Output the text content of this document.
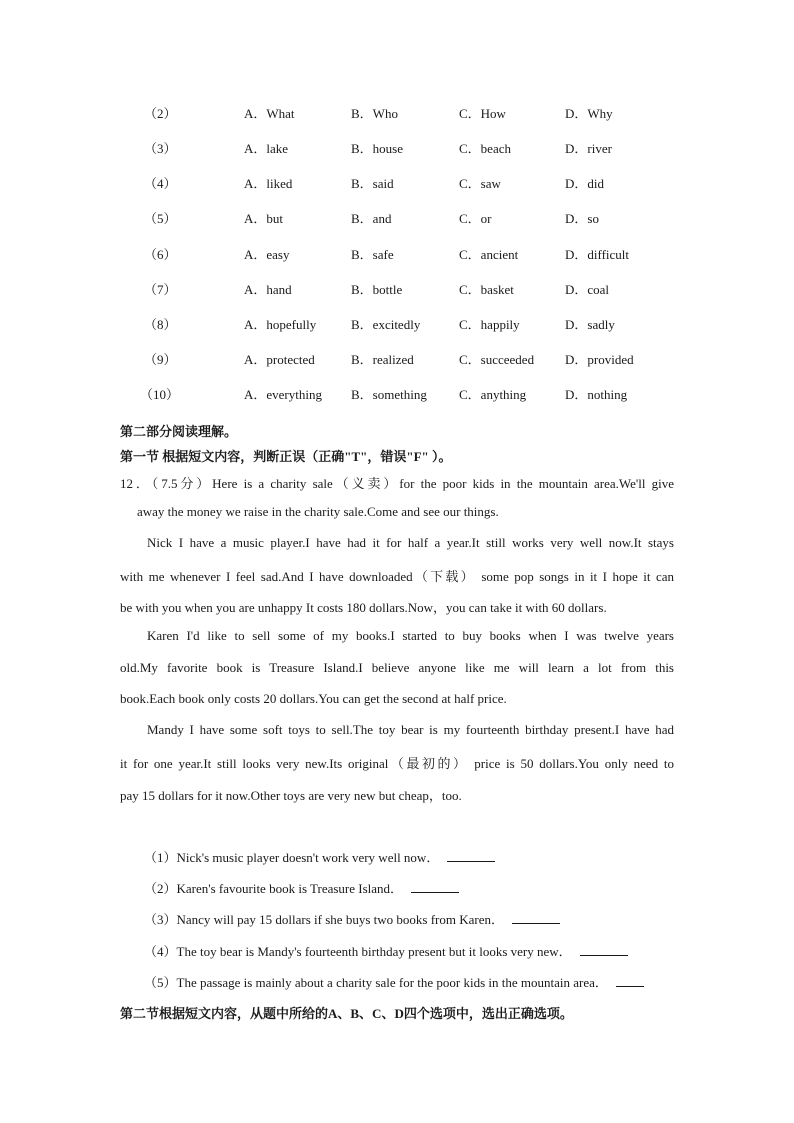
（2）	A．What	B．Who	C．How	D．Why
（3）	A．lake	B．house	C．beach	D．river
（4）	A．liked	B．said	C．saw	D．did
（5）	A．but	B．and	C．or	D．so
（6）	A．easy	B．safe	C．ancient	D．difficult
（7）	A．hand	B．bottle	C．basket	D．coal
（8）	A．hopefully	B．excitedly	C．happily	D．sadly
（9）	A．protected	B．realized	C．succeeded D．provided
（10）	A．everything B．something C．anything	D．nothing
第二部分阅读理解。
第一节 根据短文内容，判断正误（正确"T"，错误"F" ）。
12．（7.5分）Here is a charity sale（义卖）for the poor kids in the mountain area.We'll give
away the money we raise in the charity sale.Come and see our things.
Nick I have a music player.I have had it for half a year.It still works very well now.It stays
with me whenever I feel sad.And I have downloaded（下载） some pop songs in it I hope it can
be with you when you are unhappy It costs 180 dollars.Now，you can take it with 60 dollars.
Karen I'd like to sell some of my books.I started to buy books when I was twelve years
old.My favorite book is Treasure Island.I believe anyone like me will learn a lot from this
book.Each book only costs 20 dollars.You can get the second at half price.
Mandy I have some soft toys to sell.The toy bear is my fourteenth birthday present.I have had
it for one year.It still looks very new.Its original（最初的） price is 50 dollars.You only need to
pay 15 dollars for it now.Other toys are very new but cheap，too.
（1）Nick's music player doesn't work very well now．
（2）Karen's favourite book is Treasure Island．
（3）Nancy will pay 15 dollars if she buys two books from Karen．
（4）The toy bear is Mandy's fourteenth birthday present but it looks very new．
（5）The passage is mainly about a charity sale for the poor kids in the mountain area．
第二节根据短文内容，从题中所给的A、B、C、D四个选项中，选出正确选项。
